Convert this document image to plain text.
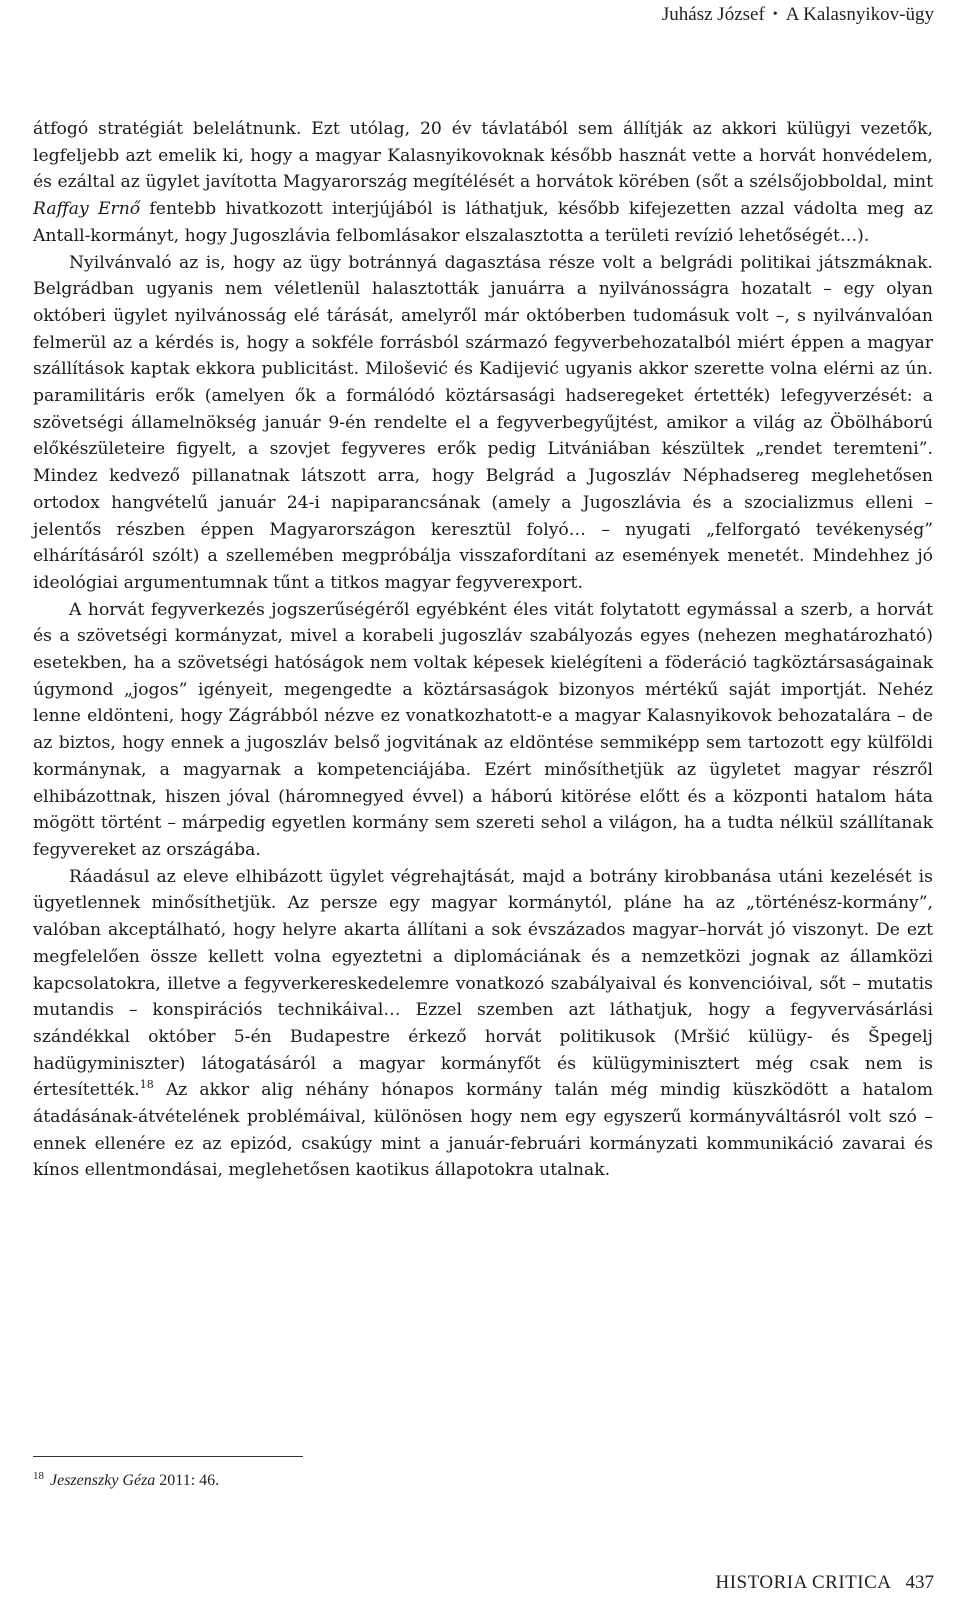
Juhász József • A Kalasnyikov-ügy

átfogó stratégiát belelátnunk. Ezt utólag, 20 év távlatából sem állítják az akkori külügyi vezetők, legfeljebb azt emelik ki, hogy a magyar Kalasnyikovoknak később hasznát vette a horvát honvédelem, és ezáltal az ügylet javította Magyarország megítélését a horvátok körében (sőt a szélsőjobboldal, mint Raffay Ernő fentebb hivatkozott interjújából is láthatjuk, később kifejezetten azzal vádolta meg az Antall-kormányt, hogy Jugoszlávia felbomlásakor elszalasztotta a területi revízió lehetőségét…).

Nyilvánvaló az is, hogy az ügy botránnyá dagasztása része volt a belgrádi politikai játszmáknak. Belgrádban ugyanis nem véletlenül halasztották januárra a nyilvánosságra hozatalt – egy olyan októberi ügylet nyilvánosság elé tárását, amelyről már októberben tudomásuk volt –, s nyilvánvalóan felmerül az a kérdés is, hogy a sokféle forrásból származó fegyverbehozatalból miért éppen a magyar szállítások kaptak ekkora publicitást. Milošević és Kadijević ugyanis akkor szerette volna elérni az ún. paramilitáris erők (amelyen ők a formálódó köztársasági hadseregeket értették) lefegyverzését: a szövetségi államelnökség január 9-én rendelte el a fegyverbegyűjtést, amikor a világ az Öbölháború előkészületeire figyelt, a szovjet fegyveres erők pedig Litvániában készültek „rendet teremteni”. Mindez kedvező pillanatnak látszott arra, hogy Belgrád a Jugoszláv Néphadsereg meglehetősen ortodox hangvételű január 24-i napiparancsának (amely a Jugoszlávia és a szocializmus elleni – jelentős részben éppen Magyarországon keresztül folyó… – nyugati „felforgató tevékenység” elhárításáról szólt) a szellemében megpróbálja visszafordítani az események menetét. Mindehhez jó ideológiai argumentumnak tűnt a titkos magyar fegyverexport.

A horvát fegyverkezés jogszerűségéről egyébként éles vitát folytatott egymással a szerb, a horvát és a szövetségi kormányzat, mivel a korabeli jugoszláv szabályozás egyes (nehezen meghatározható) esetekben, ha a szövetségi hatóságok nem voltak képesek kielégíteni a föderáció tagköztársaságainak úgymond „jogos” igényeit, megengedte a köztársaságok bizonyos mértékű saját importját. Nehéz lenne eldönteni, hogy Zágrábból nézve ez vonatkozhatott-e a magyar Kalasnyikovok behozatalára – de az biztos, hogy ennek a jugoszláv belső jogvitának az eldöntése semmiképp sem tartozott egy külföldi kormánynak, a magyarnak a kompetenciájába. Ezért minősíthetjük az ügyletet magyar részről elhibázottnak, hiszen jóval (háromnegyed évvel) a háború kitörése előtt és a központi hatalom háta mögött történt – márpedig egyetlen kormány sem szereti sehol a világon, ha a tudta nélkül szállítanak fegyvereket az országába.

Ráadásul az eleve elhibázott ügylet végrehajtását, majd a botrány kirobbanása utáni kezelését is ügyetlennek minősíthetjük. Az persze egy magyar kormánytól, pláne ha az „történész-kormány”, valóban akceptálható, hogy helyre akarta állítani a sok évszázados magyar–horvát jó viszonyt. De ezt megfelelően össze kellett volna egyeztetni a diplomáciának és a nemzetközi jognak az államközi kapcsolatokra, illetve a fegyverkereskedelemre vonatkozó szabályaival és konvencióival, sőt – mutatis mutandis – konspirációs technikáival… Ezzel szemben azt láthatjuk, hogy a fegyvervásárlási szándékkal október 5-én Budapestre érkező horvát politikusok (Mršić külügy- és Špegelj hadügyminiszter) látogatásáról a magyar kormányfőt és külügyminisztert még csak nem is értesítették.$^{18}$ Az akkor alig néhány hónapos kormány talán még mindig küszködött a hatalom átadásának-átvételének problémáival, különösen hogy nem egy egyszerű kormányváltásról volt szó – ennek ellenére ez az epizód, csakúgy mint a január-februári kormányzati kommunikáció zavarai és kínos ellentmondásai, meglehetősen kaotikus állapotokra utalnak.

$^{18}$ Jeszenszky Géza 2011: 46.
HISTORIA CRITICA 437
